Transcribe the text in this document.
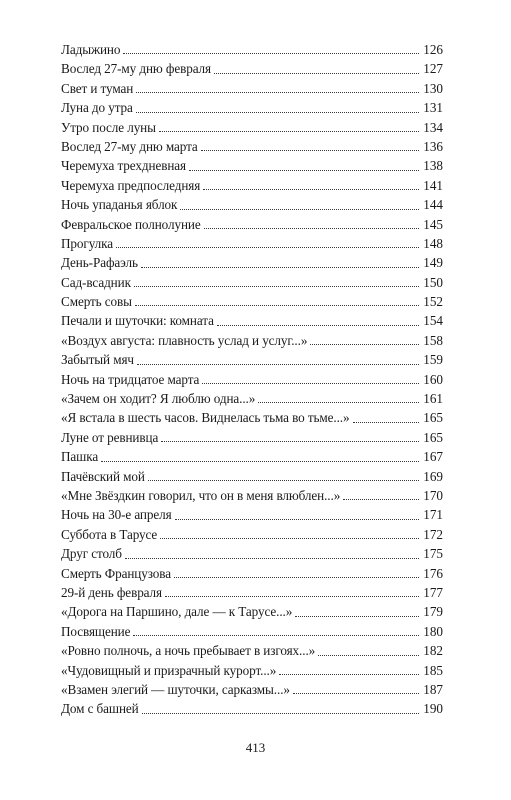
Ладыжино	126
Вослед 27-му дню февраля	127
Свет и туман	130
Луна до утра	131
Утро после луны	134
Вослед 27-му дню марта	136
Черемуха трехдневная	138
Черемуха предпоследняя	141
Ночь упаданья яблок	144
Февральское полнолуние	145
Прогулка	148
День-Рафаэль	149
Сад-всадник	150
Смерть совы	152
Печали и шуточки: комната	154
«Воздух августа: плавность услад и услуг...»	158
Забытый мяч	159
Ночь на тридцатое марта	160
«Зачем он ходит? Я люблю одна...»	161
«Я встала в шесть часов. Виднелась тьма во тьме...»	165
Луне от ревнивца	165
Пашка	167
Пачёвский мой	169
«Мне Звёздкин говорил, что он в меня влюблен...»	170
Ночь на 30-е апреля	171
Суббота в Тарусе	172
Друг столб	175
Смерть Французова	176
29-й день февраля	177
«Дорога на Паршино, дале — к Тарусе...»	179
Посвящение	180
«Ровно полночь, а ночь пребывает в изгоях...»	182
«Чудовищный и призрачный курорт...»	185
«Взамен элегий — шуточки, сарказмы...»	187
Дом с башней	190
413
